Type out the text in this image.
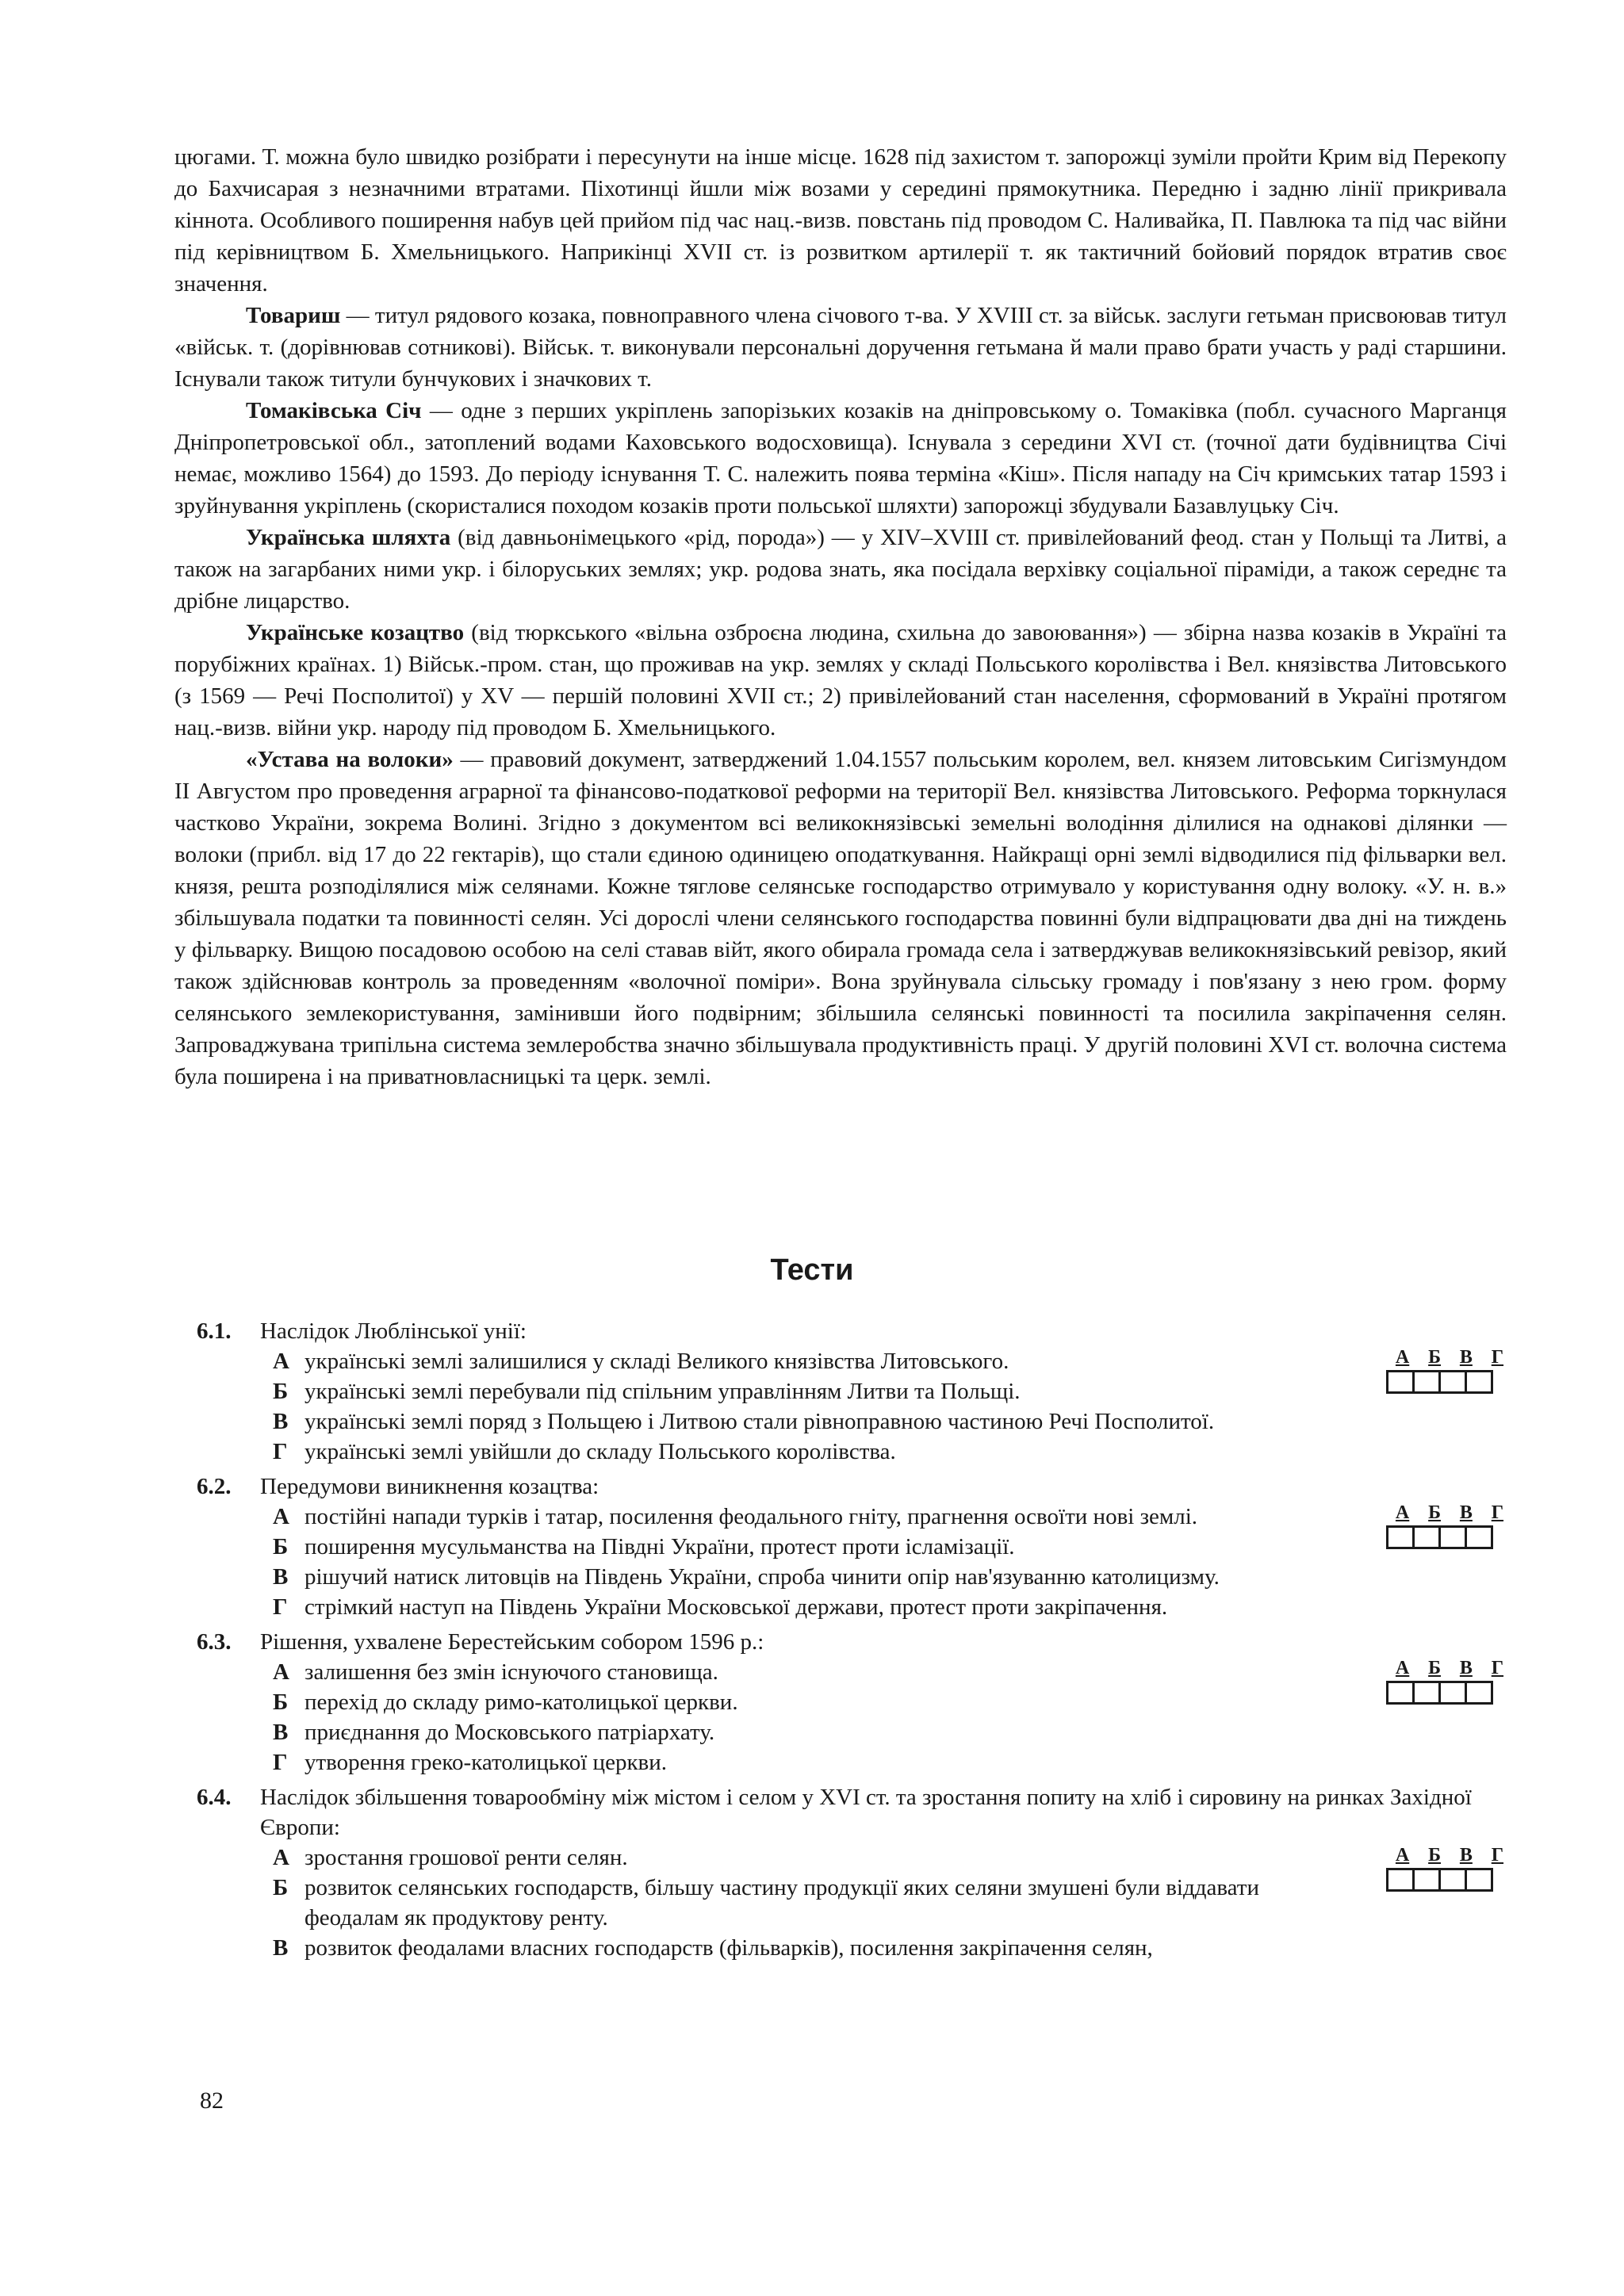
цюгами. Т. можна було швидко розібрати і пересунути на інше місце. 1628 під захистом т. запорожці зуміли пройти Крим від Перекопу до Бахчисарая з незначними втратами. Піхотинці йшли між возами у середині прямокутника. Передню і задню лінії прикривала кіннота. Особливого поширення набув цей прийом під час нац.-визв. повстань під проводом С. Наливайка, П. Павлюка та під час війни під керівництвом Б. Хмельницького. Наприкінці XVII ст. із розвитком артилерії т. як тактичний бойовий порядок втратив своє значення.

Товариш — титул рядового козака, повноправного члена січового т-ва. У XVIII ст. за військ. заслуги гетьман присвоював титул «військ. т. (дорівнював сотникові). Військ. т. виконували персональні доручення гетьмана й мали право брати участь у раді старшини. Існували також титули бунчукових і значкових т.

Томаківська Січ — одне з перших укріплень запорізьких козаків на дніпровському о. Томаківка (побл. сучасного Марганця Дніпропетровської обл., затоплений водами Каховського водосховища). Існувала з середини XVI ст. (точної дати будівництва Січі немає, можливо 1564) до 1593. До періоду існування Т. С. належить поява терміна «Кіш». Після нападу на Січ кримських татар 1593 і зруйнування укріплень (скористалися походом козаків проти польської шляхти) запорожці збудували Базавлуцьку Січ.

Українська шляхта (від давньонімецького «рід, порода») — у XIV–XVIII ст. привілейований феод. стан у Польщі та Литві, а також на загарбаних ними укр. і білоруських землях; укр. родова знать, яка посідала верхівку соціальної піраміди, а також середнє та дрібне лицарство.

Українське козацтво (від тюркського «вільна озброєна людина, схильна до завоювання») — збірна назва козаків в Україні та порубіжних країнах. 1) Військ.-пром. стан, що проживав на укр. землях у складі Польського королівства і Вел. князівства Литовського (з 1569 — Речі Посполитої) у XV — першій половині XVII ст.; 2) привілейований стан населення, сформований в Україні протягом нац.-визв. війни укр. народу під проводом Б. Хмельницького.

«Устава на волоки» — правовий документ, затверджений 1.04.1557 польським королем, вел. князем литовським Сигізмундом II Августом про проведення аграрної та фінансово-податкової реформи на території Вел. князівства Литовського. Реформа торкнулася частково України, зокрема Волині. Згідно з документом всі великокнязівські земельні володіння ділилися на однакові ділянки — волоки (прибл. від 17 до 22 гектарів), що стали єдиною одиницею оподаткування. Найкращі орні землі відводилися під фільварки вел. князя, решта розподілялися між селянами. Кожне тяглове селянське господарство отримувало у користування одну волоку. «У. н. в.» збільшувала податки та повинності селян. Усі дорослі члени селянського господарства повинні були відпрацювати два дні на тиждень у фільварку. Вищою посадовою особою на селі ставав війт, якого обирала громада села і затверджував великокнязівський ревізор, який також здійснював контроль за проведенням «волочної поміри». Вона зруйнувала сільську громаду і пов'язану з нею гром. форму селянського землекористування, замінивши його подвірним; збільшила селянські повинності та посилила закріпачення селян. Запроваджувана трипільна система землеробства значно збільшувала продуктивність праці. У другій половині XVI ст. волочна система була поширена і на приватновласницькі та церк. землі.

Тести
А Б В Г
6.1.	Наслідок Люблінської унії:
А українські землі залишилися у складі Великого князівства Литовського.
Б українські землі перебували під спільним управлінням Литви та Польщі.
В українські землі поряд з Польщею і Литвою стали рівноправною частиною Речі Посполитої.
Г українські землі увійшли до складу Польського королівства.
А Б В Г
6.2.	Передумови виникнення козацтва:
А постійні напади турків і татар, посилення феодального гніту, прагнення освоїти нові землі.
Б поширення мусульманства на Півдні України, протест проти ісламізації.
В рішучий натиск литовців на Південь України, спроба чинити опір нав'язуванню католицизму.
Г стрімкий наступ на Південь України Московської держави, протест проти закріпачення.
А Б В Г
6.3.	Рішення, ухвалене Берестейським собором 1596 р.:
А залишення без змін існуючого становища.
Б перехід до складу римо-католицької церкви.
В приєднання до Московського патріархату.
Г утворення греко-католицької церкви.
А Б В Г
6.4.	Наслідок збільшення товарообміну між містом і селом у XVI ст. та зростання попиту на хліб і сировину на ринках Західної Європи:
А зростання грошової ренти селян.
Б розвиток селянських господарств, більшу частину продукції яких селяни змушені були віддавати феодалам як продуктову ренту.
В розвиток феодалами власних господарств (фільварків), посилення закріпачення селян,
82
